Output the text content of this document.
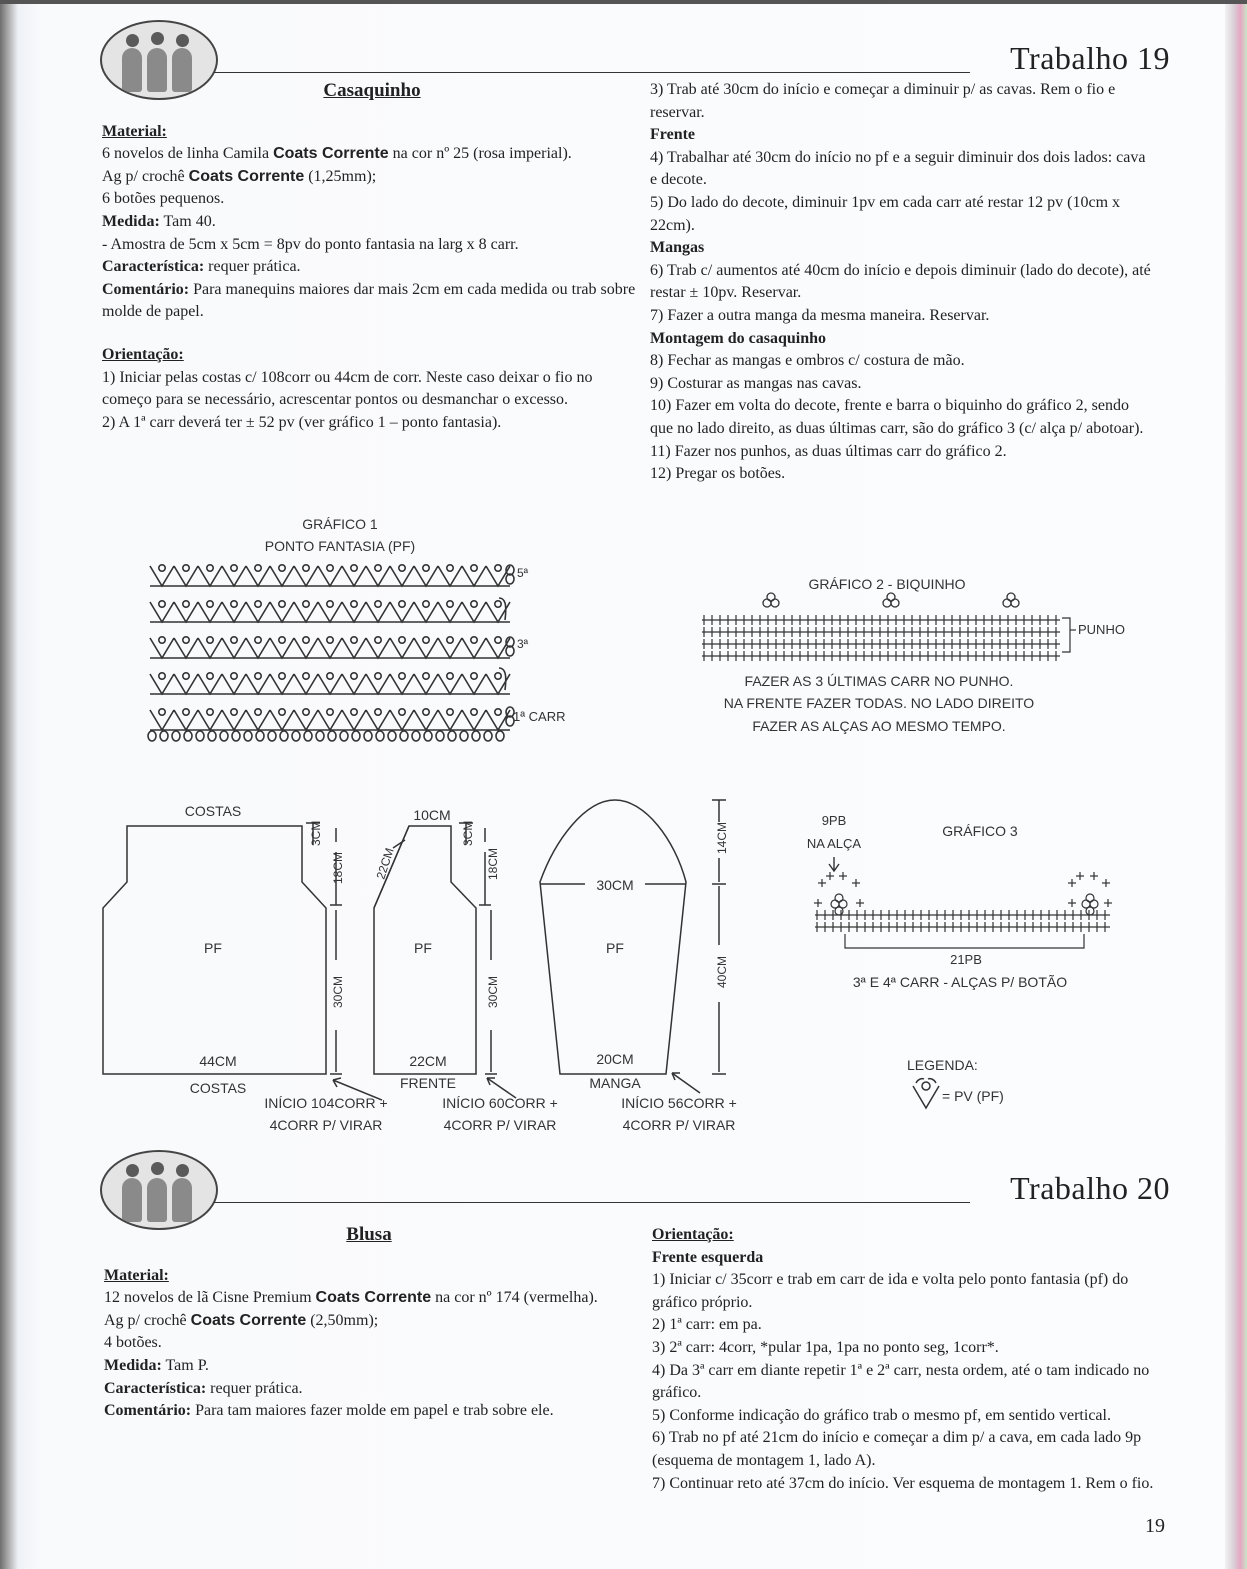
Trabalho 19

Casaquinho

Material:

6 novelos de linha Camila Coats Corrente na cor nº 25 (rosa imperial).

Ag p/ crochê Coats Corrente (1,25mm);

6 botões pequenos.

Medida: Tam 40.

- Amostra de 5cm x 5cm = 8pv do ponto fantasia na larg x 8 carr.

Característica: requer prática.

Comentário: Para manequins maiores dar mais 2cm em cada medida ou trab sobre molde de papel.

Orientação:

1) Iniciar pelas costas c/ 108corr ou 44cm de corr. Neste caso deixar o fio no começo para se necessário, acrescentar pontos ou desmanchar o excesso.

2) A 1ª carr deverá ter ± 52 pv (ver gráfico 1 – ponto fantasia).

3) Trab até 30cm do início e começar a diminuir p/ as cavas. Rem o fio e reservar.

Frente

4) Trabalhar até 30cm do início no pf e a seguir diminuir dos dois lados: cava e decote.

5) Do lado do decote, diminuir 1pv em cada carr até restar 12 pv (10cm x 22cm).

Mangas

6) Trab c/ aumentos até 40cm do início e depois diminuir (lado do decote), até restar ± 10pv. Reservar.

7) Fazer a outra manga da mesma maneira. Reservar.

Montagem do casaquinho

8) Fechar as mangas e ombros c/ costura de mão.

9) Costurar as mangas nas cavas.

10) Fazer em volta do decote, frente e barra o biquinho do gráfico 2, sendo que no lado direito, as duas últimas carr, são do gráfico 3 (c/ alça p/ abotoar).

11) Fazer nos punhos, as duas últimas carr do gráfico 2.

12) Pregar os botões.

GRÁFICO 1
PONTO FANTASIA (PF)
5ª
3ª
1ª CARR
GRÁFICO 2 - BIQUINHO
PUNHO
FAZER AS 3 ÚLTIMAS CARR NO PUNHO.
NA FRENTE FAZER TODAS. NO LADO DIREITO
FAZER AS ALÇAS AO MESMO TEMPO.
COSTAS
PF
44CM
COSTAS
3CM
18CM
30CM
INÍCIO 104CORR +
4CORR P/ VIRAR
10CM
22CM
PF
3CM
18CM
30CM
22CM
FRENTE
INÍCIO 60CORR +
4CORR P/ VIRAR
30CM
PF
20CM
MANGA
14CM
40CM
INÍCIO 56CORR +
4CORR P/ VIRAR
9PB
NA ALÇA
GRÁFICO 3
21PB
3ª E 4ª CARR - ALÇAS P/ BOTÃO
LEGENDA:
= PV (PF)
Trabalho 20

Blusa

Material:

12 novelos de lã Cisne Premium Coats Corrente na cor nº 174 (vermelha).

Ag p/ crochê Coats Corrente (2,50mm);

4 botões.

Medida: Tam P.

Característica: requer prática.

Comentário: Para tam maiores fazer molde em papel e trab sobre ele.

Orientação:

Frente esquerda

1) Iniciar c/ 35corr e trab em carr de ida e volta pelo ponto fantasia (pf) do gráfico próprio.

2) 1ª carr: em pa.

3) 2ª carr: 4corr, *pular 1pa, 1pa no ponto seg, 1corr*.

4) Da 3ª carr em diante repetir 1ª e 2ª carr, nesta ordem, até o tam indicado no gráfico.

5) Conforme indicação do gráfico trab o mesmo pf, em sentido vertical.

6) Trab no pf até 21cm do início e começar a dim p/ a cava, em cada lado 9p (esquema de montagem 1, lado A).

7) Continuar reto até 37cm do início. Ver esquema de montagem 1. Rem o fio.

19
